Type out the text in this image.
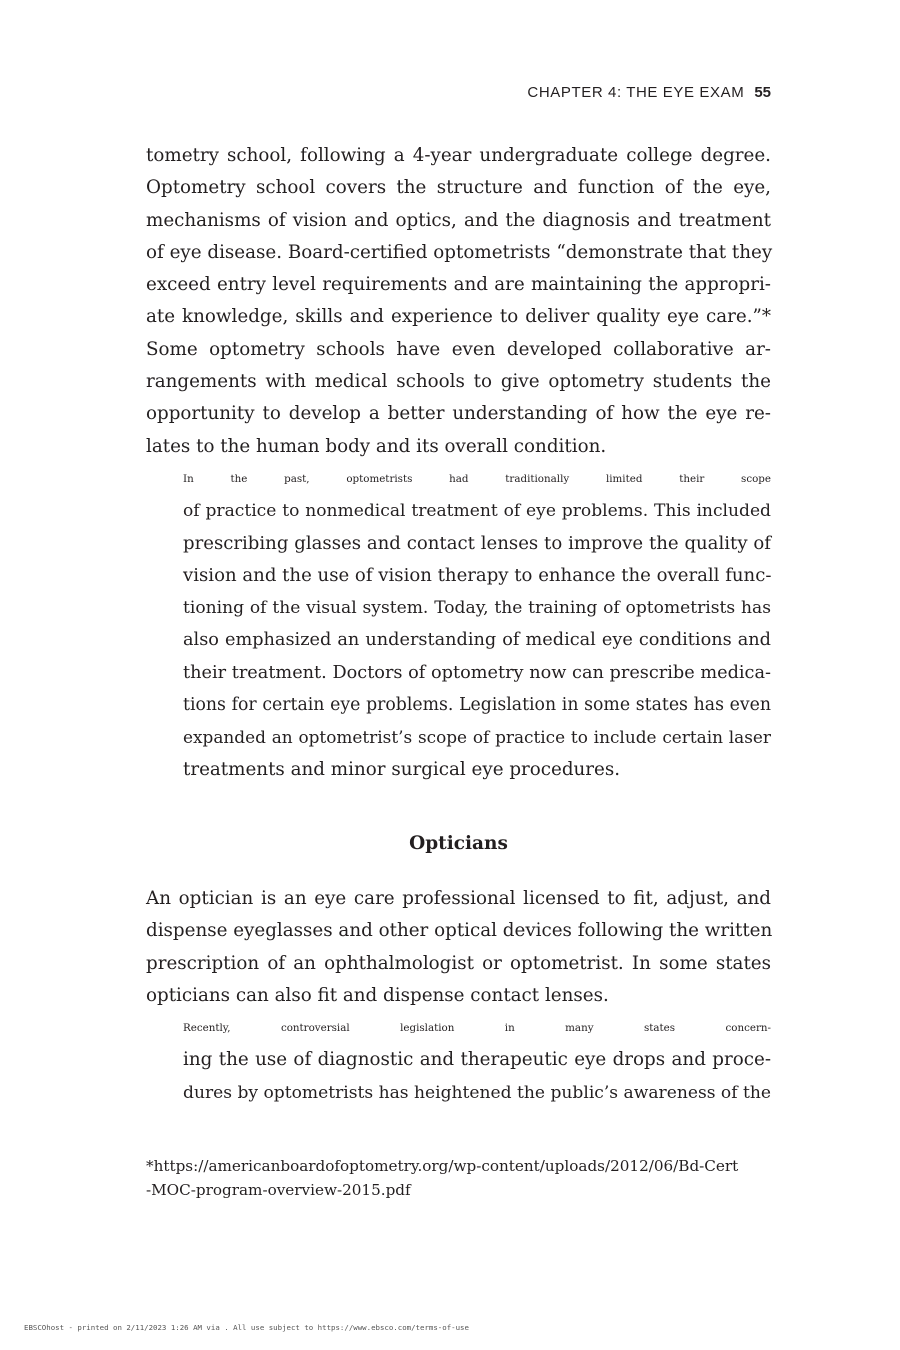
CHAPTER 4: THE EYE EXAM 55

tometry school, following a 4-year undergraduate college degree.
Optometry school covers the structure and function of the eye,
mechanisms of vision and optics, and the diagnosis and treatment
of eye disease. Board-certified optometrists “demonstrate that they
exceed entry level requirements and are maintaining the appropri-
ate knowledge, skills and experience to deliver quality eye care.”*
Some optometry schools have even developed collaborative ar-
rangements with medical schools to give optometry students the
opportunity to develop a better understanding of how the eye re-
lates to the human body and its overall condition.

In the past, optometrists had traditionally limited their scope
of practice to nonmedical treatment of eye problems. This included
prescribing glasses and contact lenses to improve the quality of
vision and the use of vision therapy to enhance the overall func-
tioning of the visual system. Today, the training of optometrists has
also emphasized an understanding of medical eye conditions and
their treatment. Doctors of optometry now can prescribe medica-
tions for certain eye problems. Legislation in some states has even
expanded an optometrist’s scope of practice to include certain laser
treatments and minor surgical eye procedures.

Opticians

An optician is an eye care professional licensed to fit, adjust, and
dispense eyeglasses and other optical devices following the written
prescription of an ophthalmologist or optometrist. In some states
opticians can also fit and dispense contact lenses.

Recently, controversial legislation in many states concern-
ing the use of diagnostic and therapeutic eye drops and proce-
dures by optometrists has heightened the public’s awareness of the

*https://americanboardofoptometry.org/wp-content/uploads/2012/06/Bd-Cert
-MOC-program-overview-2015.pdf
EBSCOhost - printed on 2/11/2023 1:26 AM via . All use subject to https://www.ebsco.com/terms-of-use
